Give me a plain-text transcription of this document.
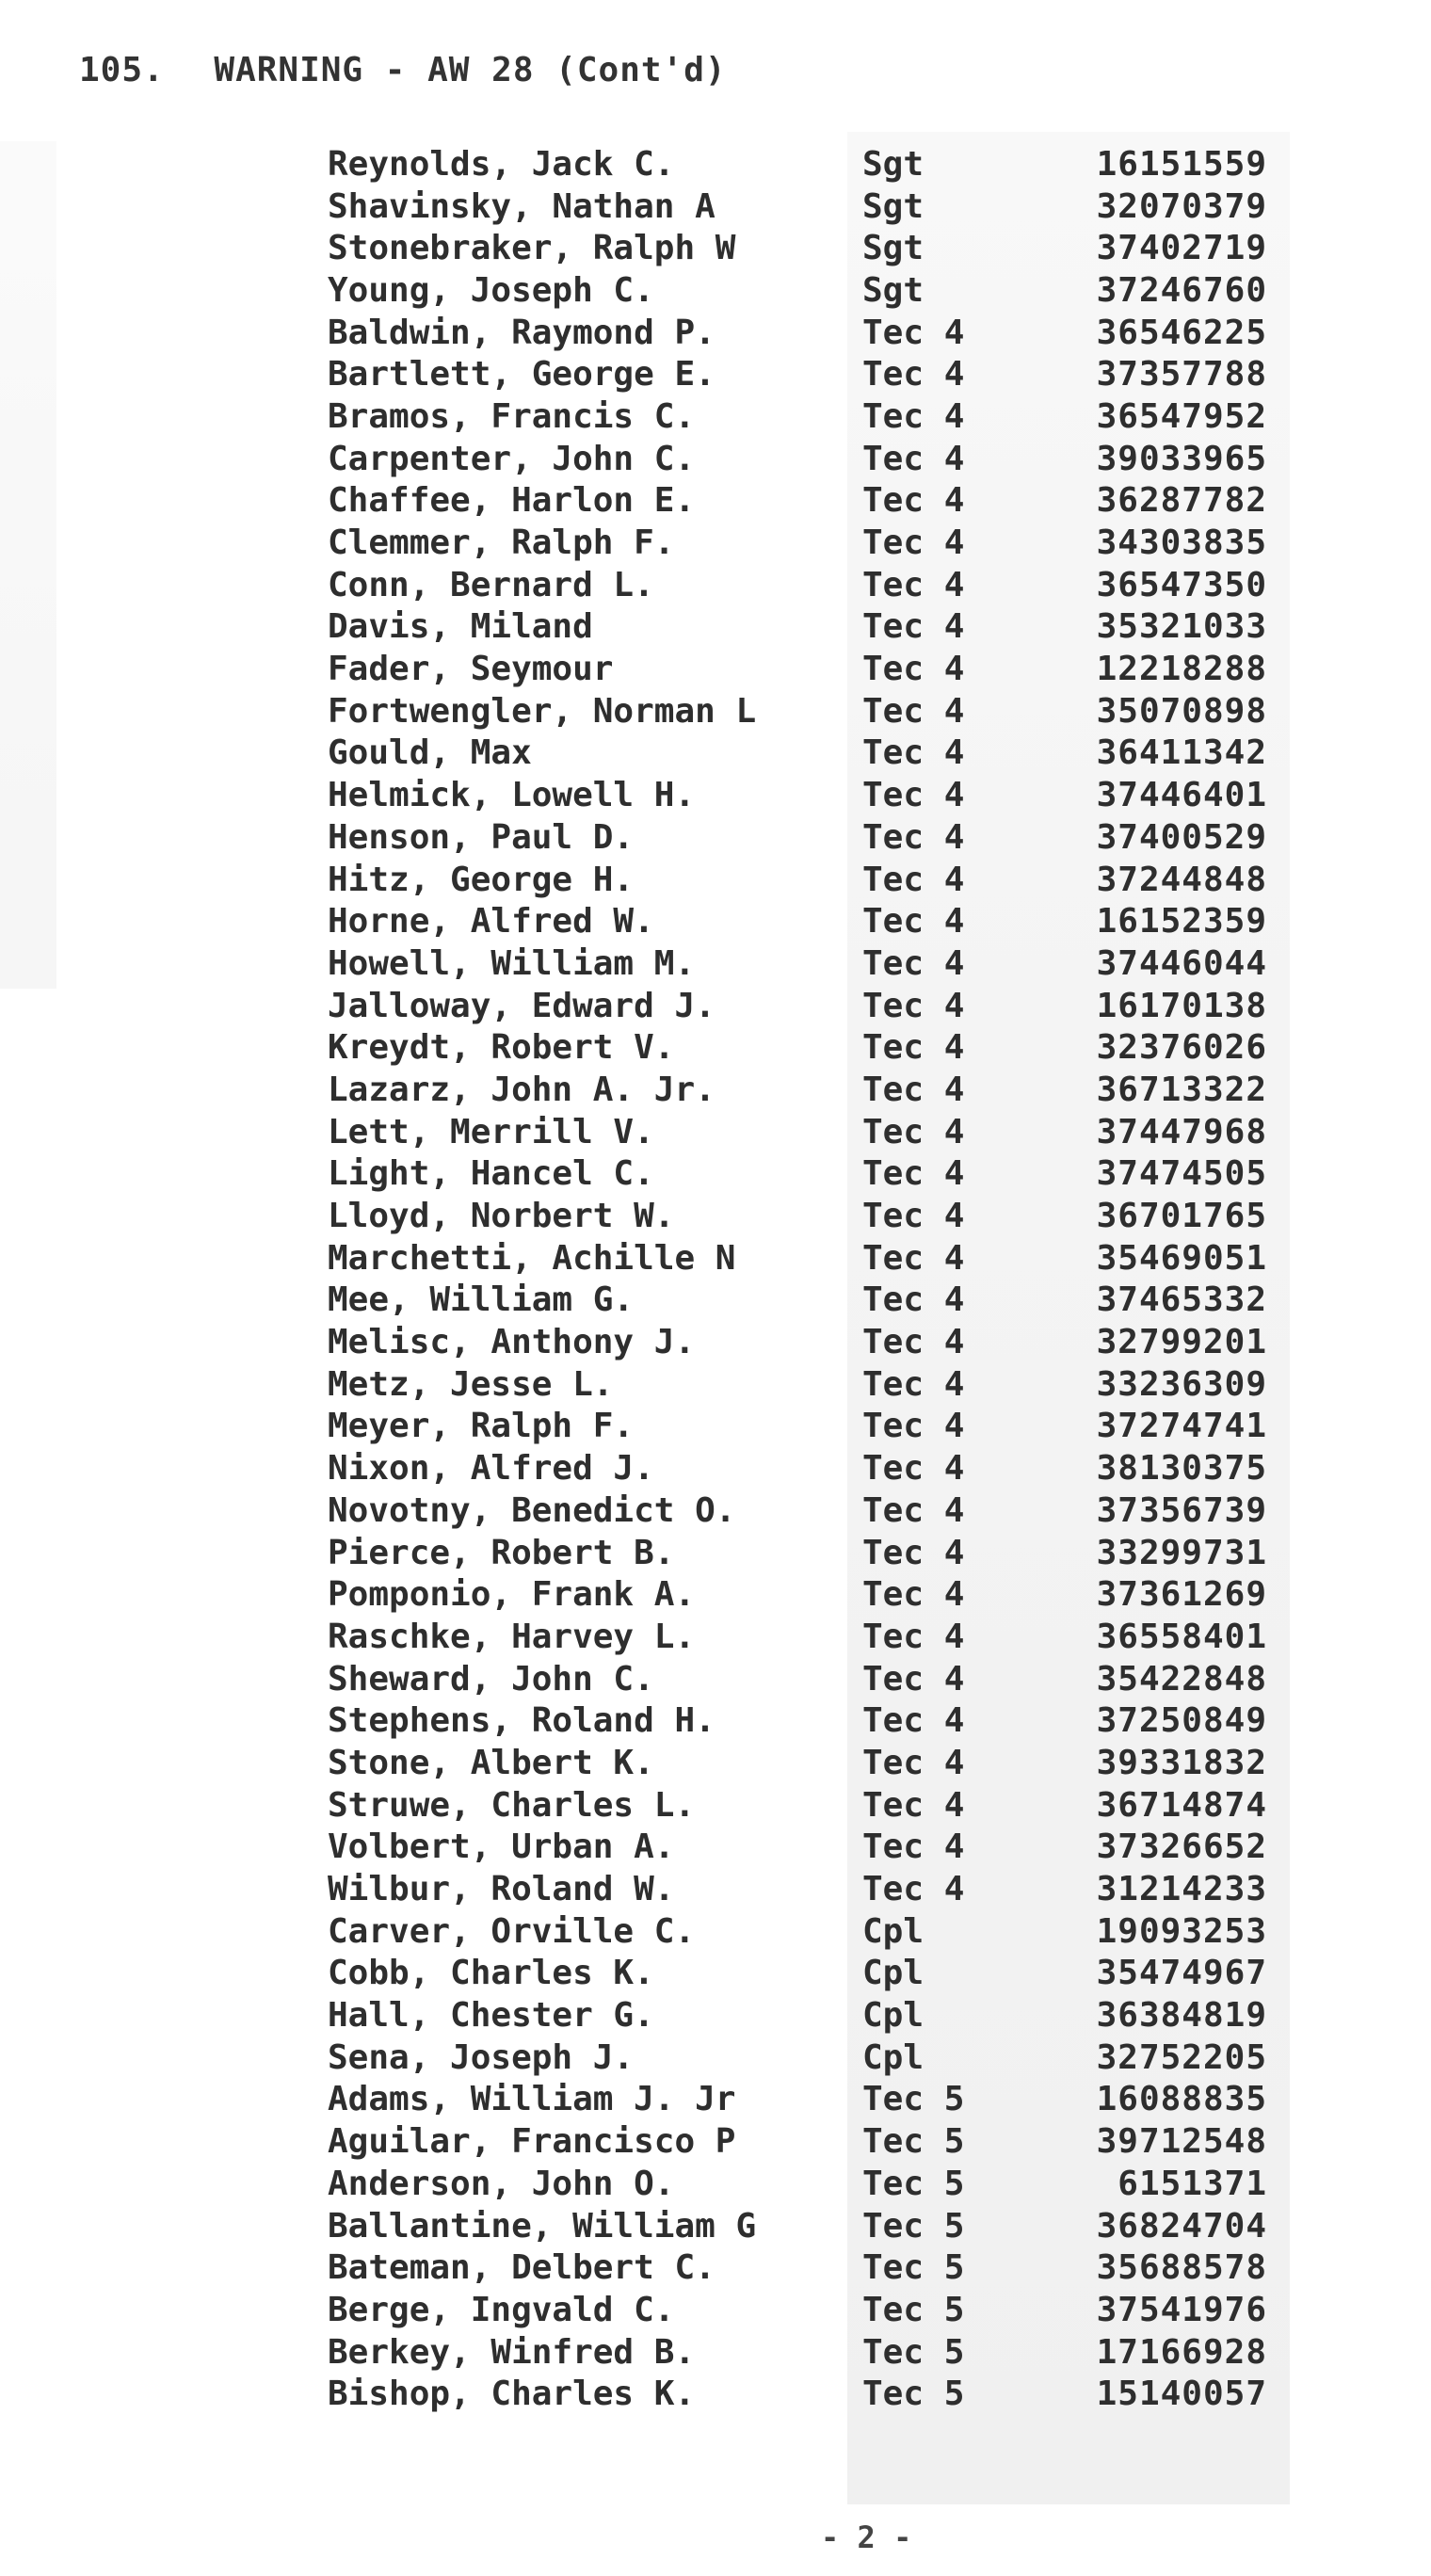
105. WARNING - AW 28 (Cont'd)
Reynolds, Jack C.	Sgt	16151559
Shavinsky, Nathan A	Sgt	32070379
Stonebraker, Ralph W	Sgt	37402719
Young, Joseph C.	Sgt	37246760
Baldwin, Raymond P.	Tec 4	36546225
Bartlett, George E.	Tec 4	37357788
Bramos, Francis C.	Tec 4	36547952
Carpenter, John C.	Tec 4	39033965
Chaffee, Harlon E.	Tec 4	36287782
Clemmer, Ralph F.	Tec 4	34303835
Conn, Bernard L.	Tec 4	36547350
Davis, Miland	Tec 4	35321033
Fader, Seymour	Tec 4	12218288
Fortwengler, Norman L	Tec 4	35070898
Gould, Max	Tec 4	36411342
Helmick, Lowell H.	Tec 4	37446401
Henson, Paul D.	Tec 4	37400529
Hitz, George H.	Tec 4	37244848
Horne, Alfred W.	Tec 4	16152359
Howell, William M.	Tec 4	37446044
Jalloway, Edward J.	Tec 4	16170138
Kreydt, Robert V.	Tec 4	32376026
Lazarz, John A. Jr.	Tec 4	36713322
Lett, Merrill V.	Tec 4	37447968
Light, Hancel C.	Tec 4	37474505
Lloyd, Norbert W.	Tec 4	36701765
Marchetti, Achille N	Tec 4	35469051
Mee, William G.	Tec 4	37465332
Melisc, Anthony J.	Tec 4	32799201
Metz, Jesse L.	Tec 4	33236309
Meyer, Ralph F.	Tec 4	37274741
Nixon, Alfred J.	Tec 4	38130375
Novotny, Benedict O.	Tec 4	37356739
Pierce, Robert B.	Tec 4	33299731
Pomponio, Frank A.	Tec 4	37361269
Raschke, Harvey L.	Tec 4	36558401
Sheward, John C.	Tec 4	35422848
Stephens, Roland H.	Tec 4	37250849
Stone, Albert K.	Tec 4	39331832
Struwe, Charles L.	Tec 4	36714874
Volbert, Urban A.	Tec 4	37326652
Wilbur, Roland W.	Tec 4	31214233
Carver, Orville C.	Cpl	19093253
Cobb, Charles K.	Cpl	35474967
Hall, Chester G.	Cpl	36384819
Sena, Joseph J.	Cpl	32752205
Adams, William J. Jr	Tec 5	16088835
Aguilar, Francisco P	Tec 5	39712548
Anderson, John O.	Tec 5	6151371
Ballantine, William G	Tec 5	36824704
Bateman, Delbert C.	Tec 5	35688578
Berge, Ingvald C.	Tec 5	37541976
Berkey, Winfred B.	Tec 5	17166928
Bishop, Charles K.	Tec 5	15140057
- 2 -
